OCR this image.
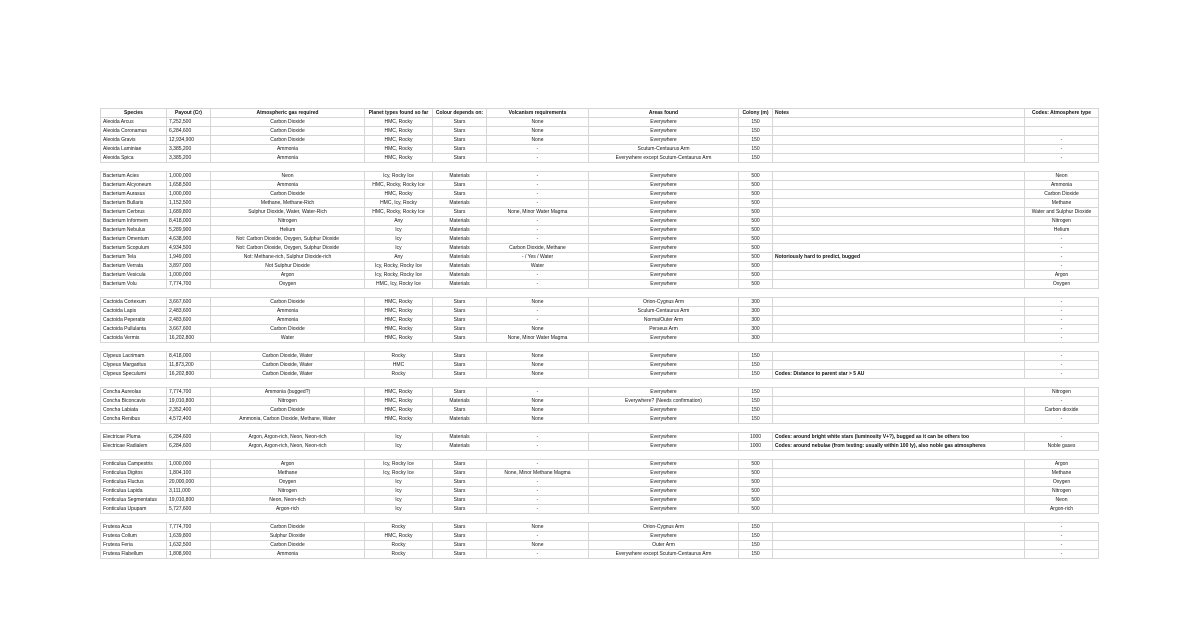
Species	Payout (Cr)	Atmospheric gas required	Planet types found so far	Colour depends on:	Volcanism requirements	Areas found	Colony (m)	Notes	Codes: Atmosphere type
Aleoida Arcus	7,252,500	Carbon Dioxide	HMC, Rocky	Stars	None	Everywhere	150		
Aleoida Coronamus	6,284,600	Carbon Dioxide	HMC, Rocky	Stars	None	Everywhere	150		
Aleoida Gravis	12,934,900	Carbon Dioxide	HMC, Rocky	Stars	None	Everywhere	150		-
Aleoida Laminiae	3,385,200	Ammonia	HMC, Rocky	Stars	-	Scutum-Centaurus Arm	150		-
Aleoida Spica	3,385,200	Ammonia	HMC, Rocky	Stars	-	Everywhere except Scutum-Centaurus Arm	150		-

Bacterium Acies	1,000,000	Neon	Icy, Rocky Ice	Materials	-	Everywhere	500		Neon
Bacterium Alcyoneum	1,658,500	Ammonia	HMC, Rocky, Rocky Ice	Stars	-	Everywhere	500		Ammonia
Bacterium Aurasus	1,000,000	Carbon Dioxide	HMC, Rocky	Stars	-	Everywhere	500		Carbon Dioxide
Bacterium Bullaris	1,152,500	Methane, Methane-Rich	HMC, Icy, Rocky	Materials	-	Everywhere	500		Methane
Bacterium Cerbrus	1,689,800	Sulphur Dioxide, Water, Water-Rich	HMC, Rocky, Rocky Ice	Stars	None, Minor Water Magma	Everywhere	500		Water and Sulphur Dioxide
Bacterium Informem	8,418,000	Nitrogen	Any	Materials	-	Everywhere	500		Nitrogen
Bacterium Nebulus	5,289,900	Helium	Icy	Materials	-	Everywhere	500		Helium
Bacterium Omentum	4,638,900	Not: Carbon Dioxide, Oxygen, Sulphur Dioxide	Icy	Materials	-	Everywhere	500		-
Bacterium Scopulum	4,934,500	Not: Carbon Dioxide, Oxygen, Sulphur Dioxide	Icy	Materials	Carbon Dioxide, Methane	Everywhere	500		-
Bacterium Tela	1,949,000	Not: Methane-rich, Sulphur Dioxide-rich	Any	Materials	- / Yes / Water	Everywhere	500	Notoriously hard to predict, bugged	-
Bacterium Verrata	3,897,000	Not Sulphur Dioxide	Icy, Rocky, Rocky Ice	Materials	Water	Everywhere	500		-
Bacterium Vesicula	1,000,000	Argon	Icy, Rocky, Rocky Ice	Materials	-	Everywhere	500		Argon
Bacterium Volu	7,774,700	Oxygen	HMC, Icy, Rocky Ice	Materials	-	Everywhere	500		Oxygen

Cactoida Cortexum	3,667,600	Carbon Dioxide	HMC, Rocky	Stars	None	Orion-Cygnus Arm	300		-
Cactoida Lapis	2,483,600	Ammonia	HMC, Rocky	Stars	-	Sculum-Centaurus Arm	300		-
Cactoida Peperatis	2,483,600	Ammonia	HMC, Rocky	Stars	-	Norma/Outer Arm	300		-
Cactoida Pullulanta	3,667,600	Carbon Dioxide	HMC, Rocky	Stars	None	Perseus Arm	300		-
Cactoida Vermis	16,202,800	Water	HMC, Rocky	Stars	None, Minor Water Magma	Everywhere	300		-

Clypeus Lacrimam	8,418,000	Carbon Dioxide, Water	Rocky	Stars	None	Everywhere	150		-
Clypeus Margaritus	11,873,200	Carbon Dioxide, Water	HMC	Stars	None	Everywhere	150		-
Clypeus Speculumi	16,202,800	Carbon Dioxide, Water	Rocky	Stars	None	Everywhere	150	Codes: Distance to parent star > 5 AU	-

Concha Aureolas	7,774,700	Ammonia (bugged?)	HMC, Rocky	Stars	-	Everywhere	150		Nitrogen
Concha Biconcavis	19,010,800	Nitrogen	HMC, Rocky	Materials	None	Everywhere? (Needs confirmation)	150		-
Concha Labiata	2,352,400	Carbon Dioxide	HMC, Rocky	Stars	None	Everywhere	150		Carbon dioxide
Concha Renibus	4,572,400	Ammonia, Carbon Dioxide, Methane, Water	HMC, Rocky	Materials	None	Everywhere	150		-

Electricae Pluma	6,284,600	Argon, Argon-rich, Neon, Neon-rich	Icy	Materials	-	Everywhere	1000	Codes: around bright white stars (luminosity V+?), bugged as it can be others too	-
Electricae Radialem	6,284,600	Argon, Argon-rich, Neon, Neon-rich	Icy	Materials	-	Everywhere	1000	Codes: around nebulae (from testing: usually within 100 ly), also noble gas atmospheres	Noble gases

Fonticulua Campestris	1,000,000	Argon	Icy, Rocky Ice	Stars	-	Everywhere	500		Argon
Fonticulua Digitos	1,804,100	Methane	Icy, Rocky Ice	Stars	None, Minor Methane Magma	Everywhere	500		Methane
Fonticulua Fluctus	20,000,000	Oxygen	Icy	Stars	-	Everywhere	500		Oxygen
Fonticulua Lapida	3,111,000	Nitrogen	Icy	Stars	-	Everywhere	500		Nitrogen
Fonticulua Segmentatus	19,010,800	Neon, Neon-rich	Icy	Stars	-	Everywhere	500		Neon
Fonticulua Upupam	5,727,600	Argon-rich	Icy	Stars	-	Everywhere	500		Argon-rich

Frutexa Acus	7,774,700	Carbon Dioxide	Rocky	Stars	None	Orion-Cygnus Arm	150		-
Frutexa Collum	1,639,800	Sulphur Dioxide	HMC, Rocky	Stars	-	Everywhere	150		-
Frutexa Feria	1,632,500	Carbon Dioxide	Rocky	Stars	None	Outer Arm	150		-
Frutexa Flabellum	1,808,900	Ammonia	Rocky	Stars	-	Everywhere except Scutum-Centaurus Arm	150		-
